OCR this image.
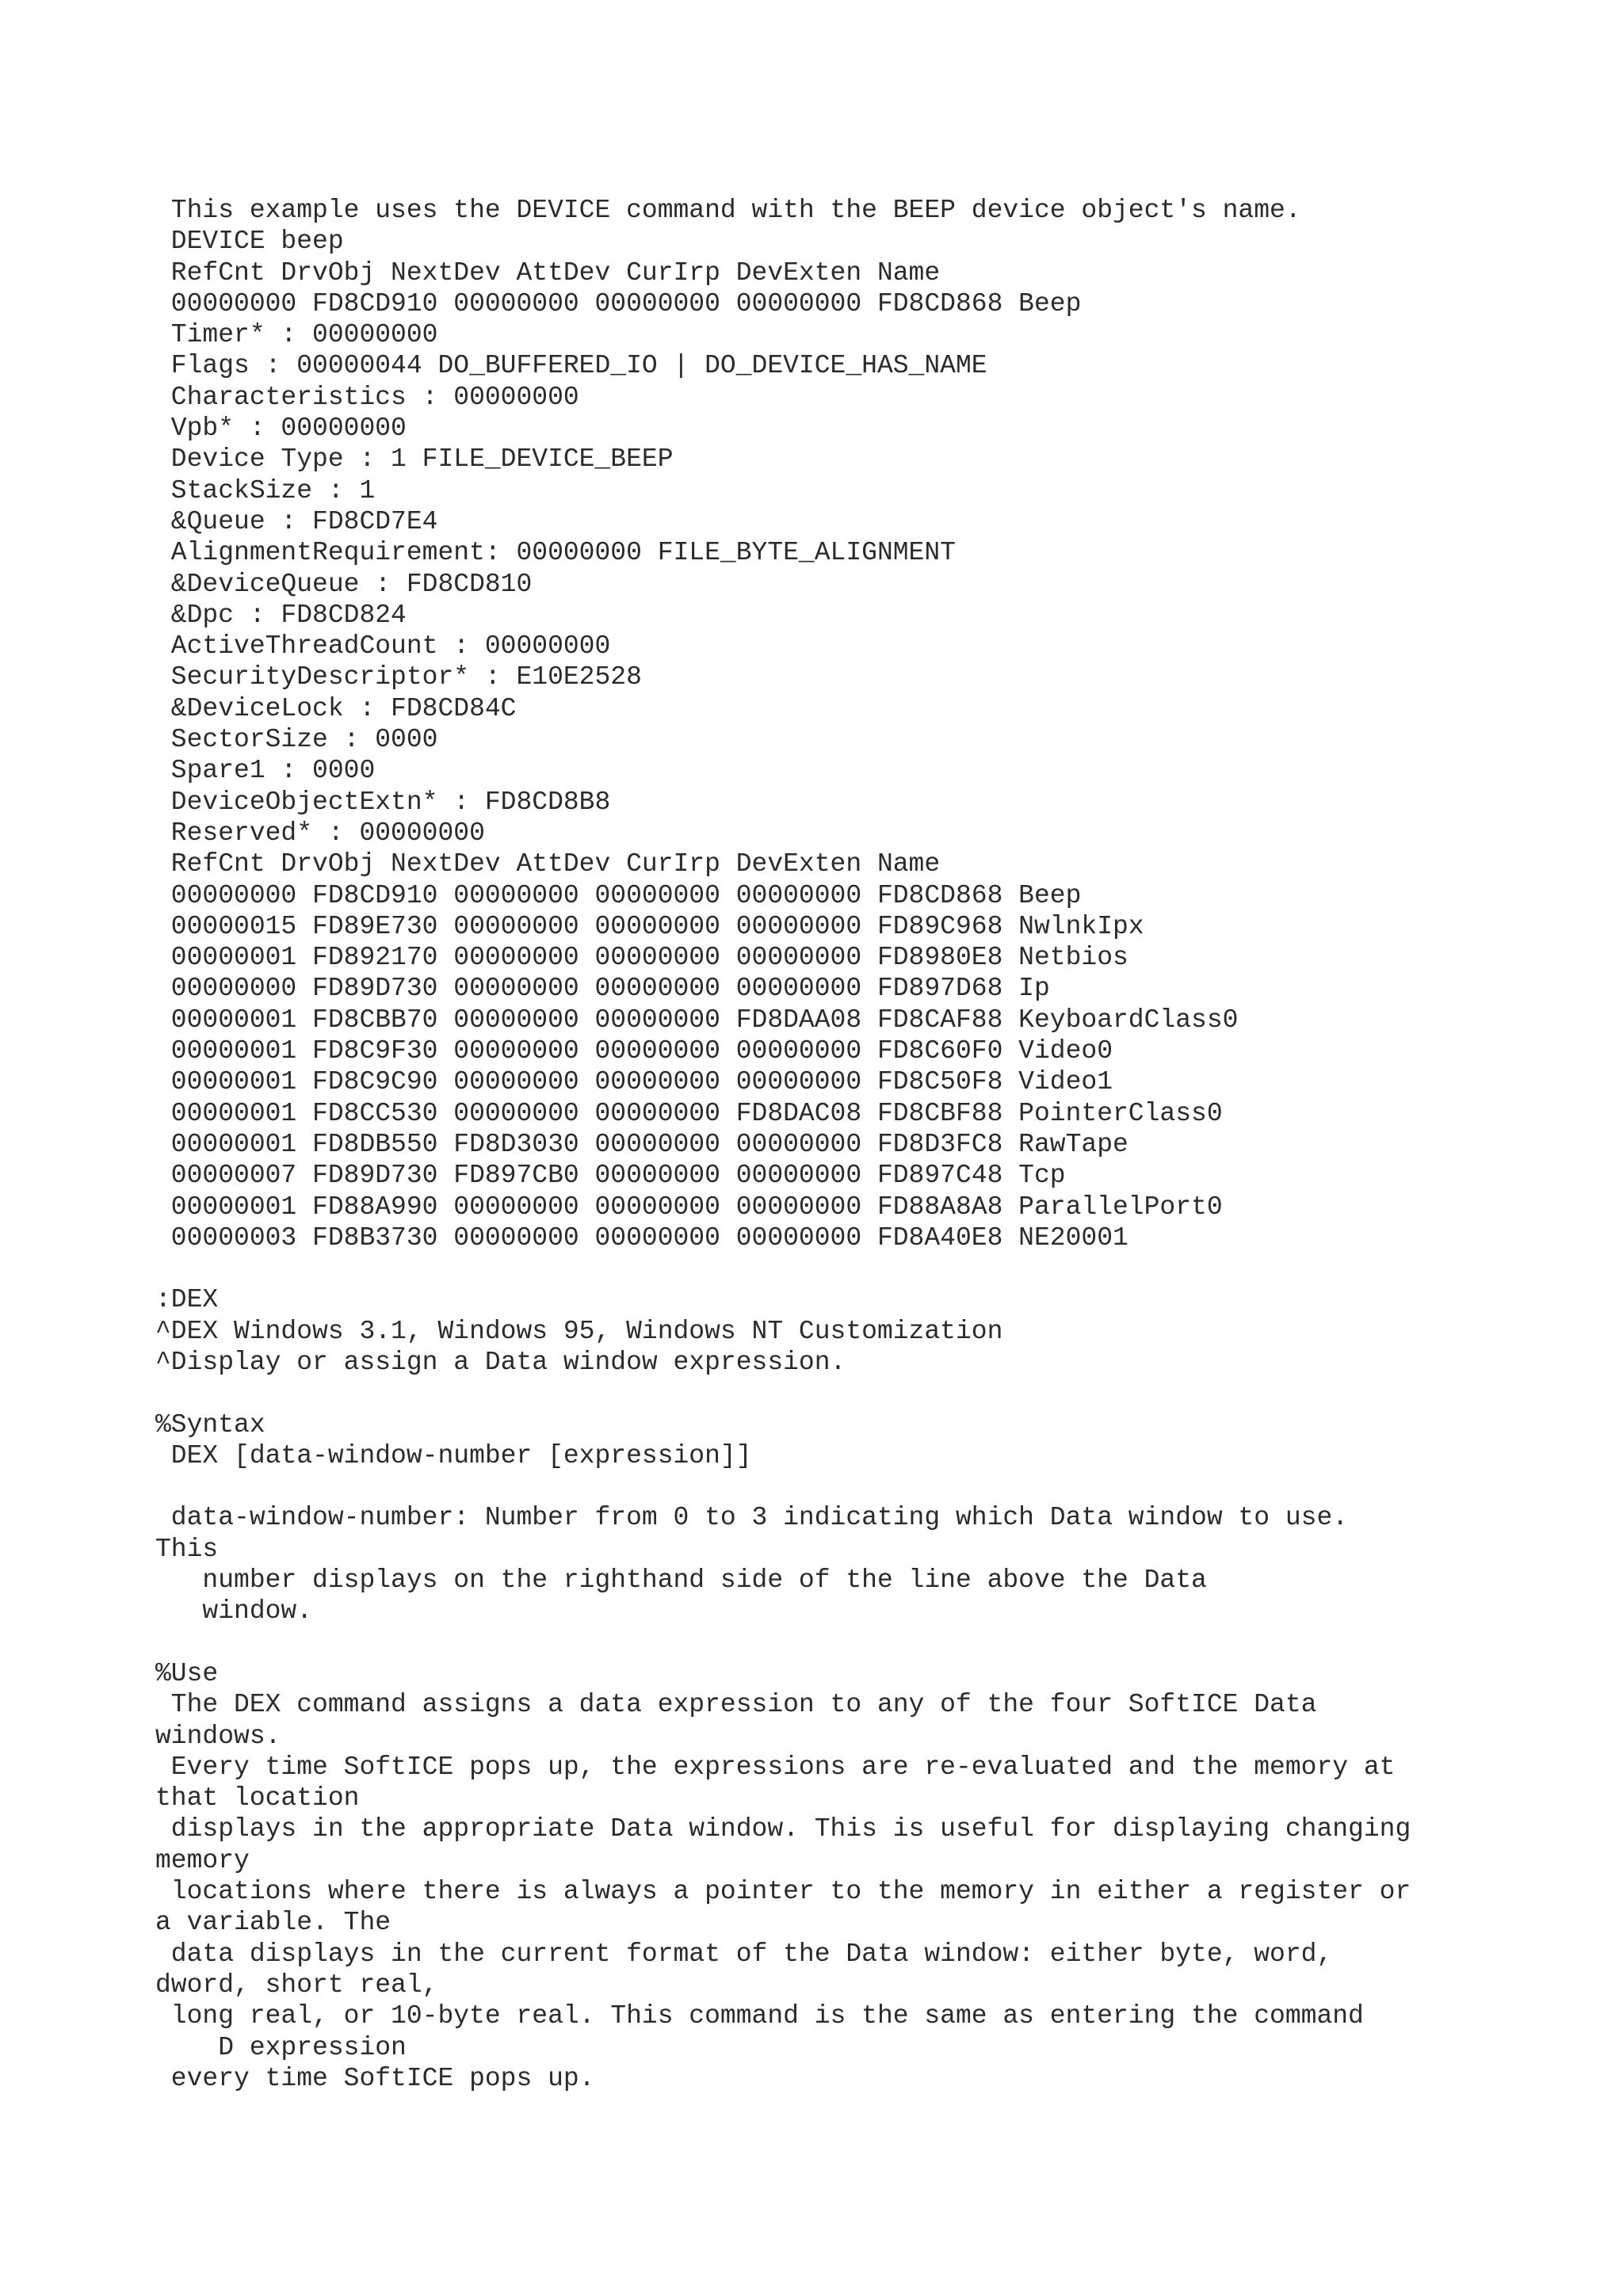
This example uses the DEVICE command with the BEEP device object's name.
DEVICE beep
RefCnt DrvObj NextDev AttDev CurIrp DevExten Name
00000000 FD8CD910 00000000 00000000 00000000 FD8CD868 Beep
Timer* : 00000000
Flags : 00000044 DO_BUFFERED_IO | DO_DEVICE_HAS_NAME
Characteristics : 00000000
Vpb* : 00000000
Device Type : 1 FILE_DEVICE_BEEP
StackSize : 1
&Queue : FD8CD7E4
AlignmentRequirement: 00000000 FILE_BYTE_ALIGNMENT
&DeviceQueue : FD8CD810
&Dpc : FD8CD824
ActiveThreadCount : 00000000
SecurityDescriptor* : E10E2528
&DeviceLock : FD8CD84C
SectorSize : 0000
Spare1 : 0000
DeviceObjectExtn* : FD8CD8B8
Reserved* : 00000000
RefCnt DrvObj NextDev AttDev CurIrp DevExten Name
00000000 FD8CD910 00000000 00000000 00000000 FD8CD868 Beep
00000015 FD89E730 00000000 00000000 00000000 FD89C968 NwlnkIpx
00000001 FD892170 00000000 00000000 00000000 FD8980E8 Netbios
00000000 FD89D730 00000000 00000000 00000000 FD897D68 Ip
00000001 FD8CBB70 00000000 00000000 FD8DAA08 FD8CAF88 KeyboardClass0
00000001 FD8C9F30 00000000 00000000 00000000 FD8C60F0 Video0
00000001 FD8C9C90 00000000 00000000 00000000 FD8C50F8 Video1
00000001 FD8CC530 00000000 00000000 FD8DAC08 FD8CBF88 PointerClass0
00000001 FD8DB550 FD8D3030 00000000 00000000 FD8D3FC8 RawTape
00000007 FD89D730 FD897CB0 00000000 00000000 FD897C48 Tcp
00000001 FD88A990 00000000 00000000 00000000 FD88A8A8 ParallelPort0
00000003 FD8B3730 00000000 00000000 00000000 FD8A40E8 NE20001
:DEX
^DEX Windows 3.1, Windows 95, Windows NT Customization
^Display or assign a Data window expression.
%Syntax
DEX [data-window-number [expression]]
data-window-number: Number from 0 to 3 indicating which Data window to use.
This
number displays on the righthand side of the line above the Data
window.
%Use
The DEX command assigns a data expression to any of the four SoftICE Data
windows.
Every time SoftICE pops up, the expressions are re-evaluated and the memory at
that location
displays in the appropriate Data window. This is useful for displaying changing
memory
locations where there is always a pointer to the memory in either a register or
a variable. The
data displays in the current format of the Data window: either byte, word,
dword, short real,
long real, or 10-byte real. This command is the same as entering the command
D expression
every time SoftICE pops up.
